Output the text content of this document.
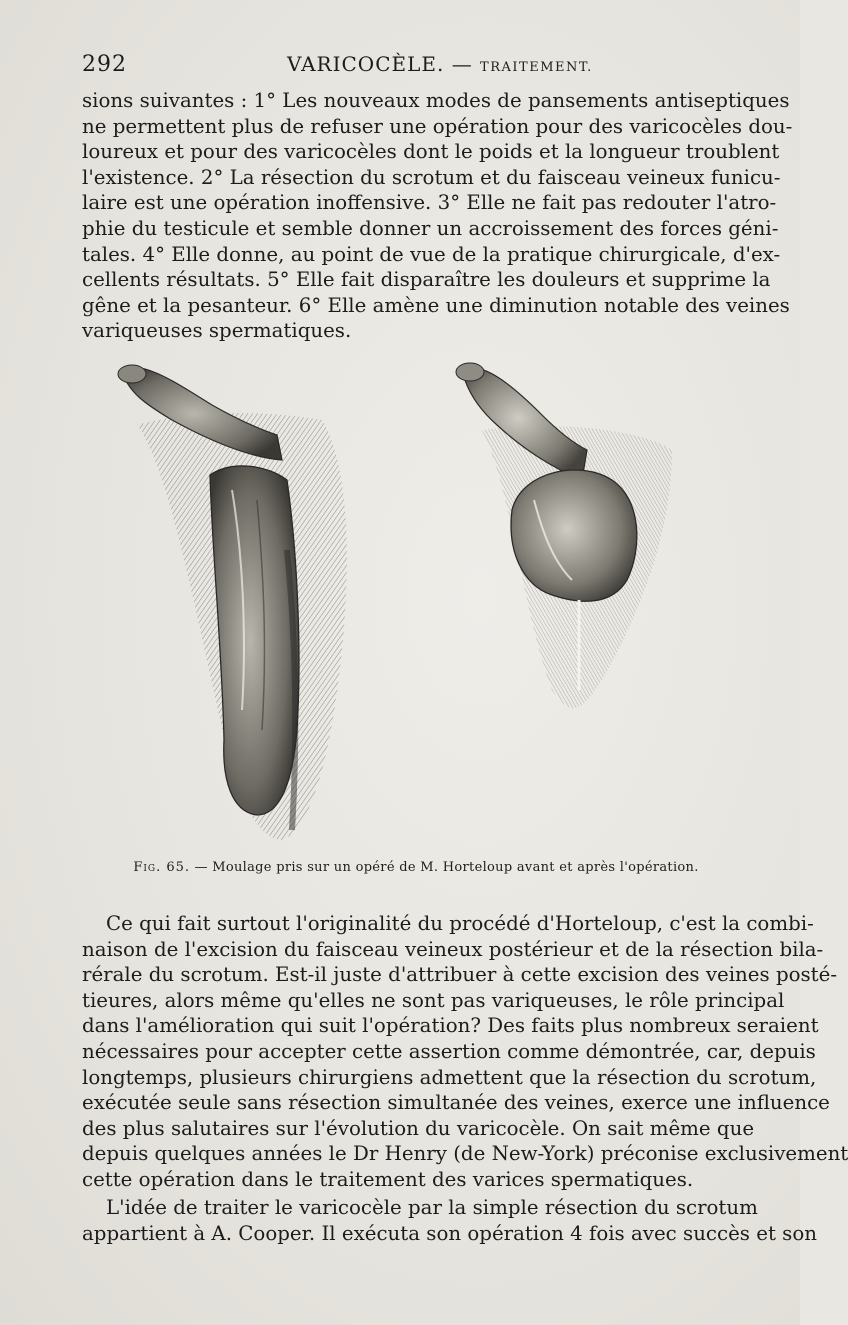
292	VARICOCÈLE. — TRAITEMENT.
sions suivantes : 1° Les nouveaux modes de pansements antiseptiques
ne permettent plus de refuser une opération pour des varicocèles dou-
loureux et pour des varicocèles dont le poids et la longueur troublent
l'existence. 2° La résection du scrotum et du faisceau veineux funicu-
laire est une opération inoffensive. 3° Elle ne fait pas redouter l'atro-
phie du testicule et semble donner un accroissement des forces géni-
tales. 4° Elle donne, au point de vue de la pratique chirurgicale, d'ex-
cellents résultats. 5° Elle fait disparaître les douleurs et supprime la
gêne et la pesanteur. 6° Elle amène une diminution notable des veines
variqueuses spermatiques.
Fig. 65. — Moulage pris sur un opéré de M. Horteloup avant et après l'opération.
Ce qui fait surtout l'originalité du procédé d'Horteloup, c'est la combi-
naison de l'excision du faisceau veineux postérieur et de la résection bila-
rérale du scrotum. Est-il juste d'attribuer à cette excision des veines posté-
tieures, alors même qu'elles ne sont pas variqueuses, le rôle principal
dans l'amélioration qui suit l'opération? Des faits plus nombreux seraient
nécessaires pour accepter cette assertion comme démontrée, car, depuis
longtemps, plusieurs chirurgiens admettent que la résection du scrotum,
exécutée seule sans résection simultanée des veines, exerce une influence
des plus salutaires sur l'évolution du varicocèle. On sait même que
depuis quelques années le Dr Henry (de New-York) préconise exclusivement
cette opération dans le traitement des varices spermatiques.
L'idée de traiter le varicocèle par la simple résection du scrotum
appartient à A. Cooper. Il exécuta son opération 4 fois avec succès et son
